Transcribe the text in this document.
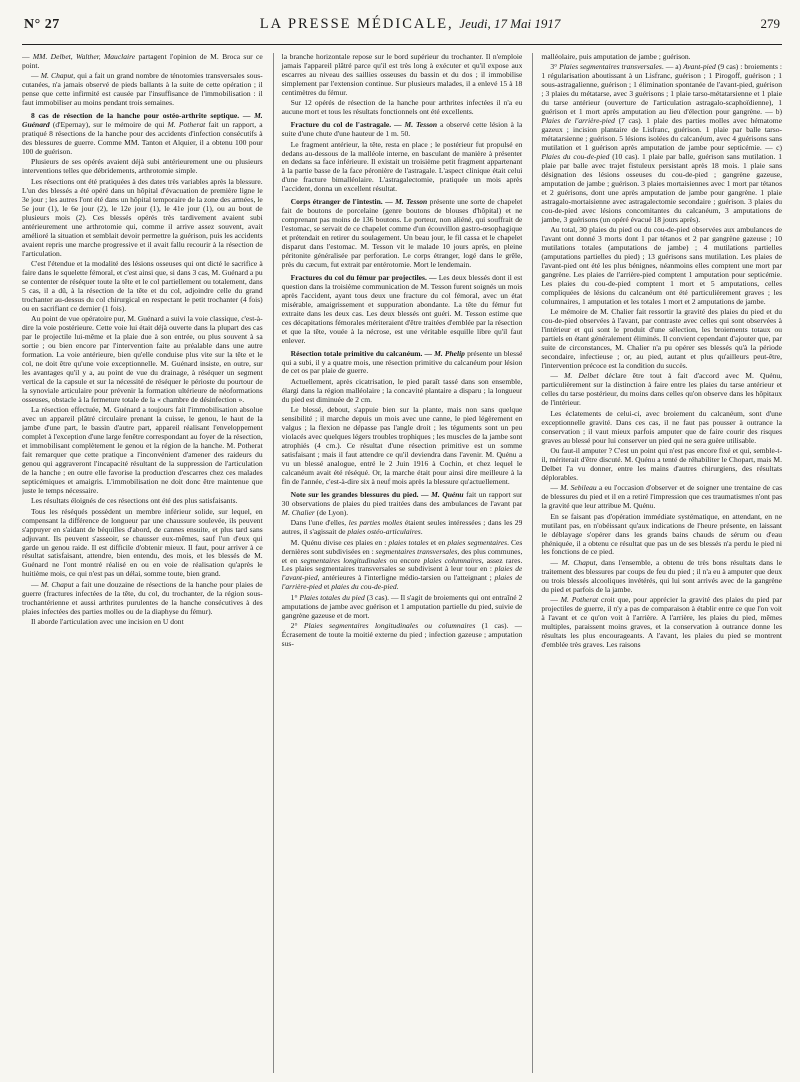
N° 27	LA PRESSE MÉDICALE, Jeudi, 17 Mai 1917	279

— MM. Delbet, Walther, Mauclaire partagent l'opinion de M. Broca sur ce point.

— M. Chaput, qui a fait un grand nombre de ténotomies transversales sous-cutanées, n'a jamais observé de pieds ballants à la suite de cette opération ; il pense que cette infirmité est causée par l'insuffisance de l'immobilisation : il faut immobiliser au moins pendant trois semaines.

8 cas de résection de la hanche pour ostéo-arthrite septique. — M. Guénard (d'Epernay), sur le mémoire de qui M. Potherat fait un rapport, a pratiqué 8 résections de la hanche pour des accidents d'infection consécutifs à des blessures de guerre. Comme MM. Tanton et Alquier, il a obtenu 100 pour 100 de guérison.

Plusieurs de ses opérés avaient déjà subi antérieurement une ou plusieurs interventions telles que débridements, arthrotomie simple.

Les résections ont été pratiquées à des dates très variables après la blessure. L'un des blessés a été opéré dans un hôpital d'évacuation de première ligne le 3e jour ; les autres l'ont été dans un hôpital temporaire de la zone des armées, le 5e jour (1), le 6e jour (2), le 12e jour (1), le 41e jour (1), ou au bout de plusieurs mois (2). Ces blessés opérés très tardivement avaient subi antérieurement une arthrotomie qui, comme il arrive assez souvent, avait amélioré la situation et semblait devoir permettre la guérison, puis les accidents avaient repris une marche progressive et il avait fallu recourir à la résection de l'articulation.

C'est l'étendue et la modalité des lésions osseuses qui ont dicté le sacrifice à faire dans le squelette fémoral, et c'est ainsi que, si dans 3 cas, M. Guénard a pu se contenter de réséquer toute la tête et le col partiellement ou totalement, dans 5 cas, il a dû, à la résection de la tête et du col, adjoindre celle du grand trochanter au-dessus du col chirurgical en respectant le petit trochanter (4 fois) ou en sacrifiant ce dernier (1 fois).

Au point de vue opératoire pur, M. Guénard a suivi la voie classique, c'est-à-dire la voie postérieure. Cette voie lui était déjà ouverte dans la plupart des cas par le projectile lui-même et la plaie due à son entrée, ou plus souvent à sa sortie ; ou bien encore par l'intervention faite au préalable dans une autre formation. La voie antérieure, bien qu'elle conduise plus vite sur la tête et le col, ne doit être qu'une voie exceptionnelle. M. Guénard insiste, en outre, sur les avantages qu'il y a, au point de vue du drainage, à réséquer un segment vertical de la capsule et sur la nécessité de réséquer le périoste du pourtour de la synoviale articulaire pour prévenir la formation ultérieure de néoformations osseuses, obstacle à la fermeture totale de la « chambre de désinfection ».

La résection effectuée, M. Guénard a toujours fait l'immobilisation absolue avec un appareil plâtré circulaire prenant la cuisse, le genou, le haut de la jambe d'une part, le bassin d'autre part, appareil réalisant l'enveloppement complet à l'exception d'une large fenêtre correspondant au foyer de la résection, et immobilisant complètement le genou et la région de la hanche. M. Potherat fait remarquer que cette pratique a l'inconvénient d'amener des raideurs du genou qui aggraveront l'incapacité résultant de la suppression de l'articulation de la hanche ; en outre elle favorise la production d'escarres chez ces malades septicémiques et amaigris. L'immobilisation ne doit donc être maintenue que juste le temps nécessaire.

Les résultats éloignés de ces résections ont été des plus satisfaisants.

Tous les réséqués possèdent un membre inférieur solide, sur lequel, en compensant la différence de longueur par une chaussure soulevée, ils peuvent s'appuyer en s'aidant de béquilles d'abord, de cannes ensuite, et plus tard sans adjuvant. Ils peuvent s'asseoir, se chausser eux-mêmes, sauf l'un d'eux qui garde un genou raide. Il est difficile d'obtenir mieux. Il faut, pour arriver à ce résultat satisfaisant, attendre, bien entendu, des mois, et les blessés de M. Guénard ne l'ont montré réalisé en ou en voie de réalisation qu'après le huitième mois, ce qui n'est pas un délai, somme toute, bien grand.

— M. Chaput a fait une douzaine de résections de la hanche pour plaies de guerre (fractures infectées de la tête, du col, du trochanter, de la région sous-trochantérienne et aussi arthrites purulentes de la hanche consécutives à des plaies infectées des parties molles ou de la diaphyse du fémur).

Il aborde l'articulation avec une incision en U dont

la branche horizontale repose sur le bord supérieur du trochanter. Il n'emploie jamais l'appareil plâtré parce qu'il est très long à exécuter et qu'il expose aux escarres au niveau des saillies osseuses du bassin et du dos ; il immobilise simplement par l'extension continue. Sur plusieurs malades, il a enlevé 15 à 18 centimètres du fémur.

Sur 12 opérés de résection de la hanche pour arthrites infectées il n'a eu aucune mort et tous les résultats fonctionnels ont été excellents.

Fracture du col de l'astragale. — M. Tesson a observé cette lésion à la suite d'une chute d'une hauteur de 1 m. 50.

Le fragment antérieur, la tête, resta en place ; le postérieur fut propulsé en dedans au-dessous de la malléole interne, en basculant de manière à présenter en dedans sa face inférieure. Il existait un troisième petit fragment appartenant à la partie basse de la face péronière de l'astragale. L'aspect clinique était celui d'une fracture bimalléolaire. L'astragalectomie, pratiquée un mois après l'accident, donna un excellent résultat.

Corps étranger de l'intestin. — M. Tesson présente une sorte de chapelet fait de boutons de porcelaine (genre boutons de blouses d'hôpital) et ne comprenant pas moins de 136 boutons. Le porteur, non aliéné, qui souffrait de l'estomac, se servait de ce chapelet comme d'un écouvillon gastro-œsophagique et prétendait en retirer du soulagement. Un beau jour, le fil cassa et le chapelet disparut dans l'estomac. M. Tesson vit le malade 10 jours après, en pleine péritonite généralisée par perforation. Le corps étranger, logé dans le grêle, près du cæcum, fut extrait par entérotomie. Mort le lendemain.

Fractures du col du fémur par projectiles. — Les deux blessés dont il est question dans la troisième communication de M. Tesson furent soignés un mois après l'accident, ayant tous deux une fracture du col fémoral, avec un état misérable, amaigrissement et suppuration abondante. La tête du fémur fut extraite dans les deux cas. Les deux blessés ont guéri. M. Tesson estime que ces décapitations fémorales mériteraient d'être traitées d'emblée par la résection et que la tête, vouée à la nécrose, est une véritable esquille libre qu'il faut enlever.

Résection totale primitive du calcanéum. — M. Phelip présente un blessé qui a subi, il y a quatre mois, une résection primitive du calcanéum pour lésion de cet os par plaie de guerre.

Actuellement, après cicatrisation, le pied paraît tassé dans son ensemble, élargi dans la région malléolaire ; la concavité plantaire a disparu ; la longueur du pied est diminuée de 2 cm.

Le blessé, debout, s'appuie bien sur la plante, mais non sans quelque sensibilité ; il marche depuis un mois avec une canne, le pied légèrement en valgus ; la flexion ne dépasse pas l'angle droit ; les téguments sont un peu violacés avec quelques légers troubles trophiques ; les muscles de la jambe sont atrophiés (4 cm.). Ce résultat d'une résection primitive est un somme satisfaisant ; mais il faut attendre ce qu'il deviendra dans l'avenir. M. Quénu a vu un blessé analogue, entré le 2 Juin 1916 à Cochin, et chez lequel le calcanéum avait été réséqué. Or, la marche était pour ainsi dire meilleure à la fin de l'année, c'est-à-dire six à neuf mois après la blessure qu'actuellement.

Note sur les grandes blessures du pied. — M. Quénu fait un rapport sur 30 observations de plaies du pied traitées dans des ambulances de l'avant par M. Chalier (de Lyon).

Dans l'une d'elles, les parties molles étaient seules intéressées ; dans les 29 autres, il s'agissait de plaies ostéo-articulaires.

M. Quénu divise ces plaies en : plaies totales et en plaies segmentaires. Ces dernières sont subdivisées en : segmentaires transversales, des plus communes, et en segmentaires longitudinales ou encore plaies columnaires, assez rares. Les plaies segmentaires transversales se subdivisent à leur tour en : plaies de l'avant-pied, antérieures à l'interligne médio-tarsien ou l'atteignant ; plaies de l'arrière-pied et plaies du cou-de-pied.

1° Plaies totales du pied (3 cas). — Il s'agit de broiements qui ont entraîné 2 amputations de jambe avec guérison et 1 amputation partielle du pied, suivie de gangrène gazeuse et de mort.

2° Plaies segmentaires longitudinales ou columnaires (1 cas). — Écrasement de toute la moitié externe du pied ; infection gazeuse ; amputation sus-

malléolaire, puis amputation de jambe ; guérison.

3° Plaies segmentaires transversales. — a) Avant-pied (9 cas) : broiements : 1 régularisation aboutissant à un Lisfranc, guérison ; 1 Pirogoff, guérison ; 1 sous-astragalienne, guérison ; 1 élimination spontanée de l'avant-pied, guérison ; 3 plaies du métatarse, avec 3 guérisons ; 1 plaie tarso-métatarsienne et 1 plaie du tarse antérieur (ouverture de l'articulation astragalo-scaphoïdienne), 1 guérison et 1 mort après amputation au lieu d'élection pour gangrène. — b) Plaies de l'arrière-pied (7 cas). 1 plaie des parties molles avec hématome gazeux ; incision plantaire de Lisfranc, guérison. 1 plaie par balle tarso-métatarsienne ; guérison. 5 lésions isolées du calcanéum, avec 4 guérisons sans mutilation et 1 guérison après amputation de jambe pour septicémie. — c) Plaies du cou-de-pied (10 cas). 1 plaie par balle, guérison sans mutilation. 1 plaie par balle avec trajet fistuleux persistant après 18 mois. 1 plaie sans désignation des lésions osseuses du cou-de-pied ; gangrène gazeuse, amputation de jambe ; guérison. 3 plaies mortaisiennes avec 1 mort par tétanos et 2 guérisons, dont une après amputation de jambe pour gangrène. 1 plaie astragalo-mortaisienne avec astragalectomie secondaire ; guérison. 3 plaies du cou-de-pied avec lésions concomitantes du calcanéum, 3 amputations de jambe, 3 guérisons (un opéré évacué 18 jours après).

Au total, 30 plaies du pied ou du cou-de-pied observées aux ambulances de l'avant ont donné 3 morts dont 1 par tétanos et 2 par gangrène gazeuse ; 10 mutilations totales (amputations de jambe) ; 4 mutilations partielles (amputations partielles du pied) ; 13 guérisons sans mutilation. Les plaies de l'avant-pied ont été les plus bénignes, néanmoins elles comptent une mort par gangrène. Les plaies de l'arrière-pied comptent 1 amputation pour septicémie. Les plaies du cou-de-pied comptent 1 mort et 5 amputations, celles compliquées de lésions du calcanéum ont été particulièrement graves ; les columnaires, 1 amputation et les totales 1 mort et 2 amputations de jambe.

Le mémoire de M. Chalier fait ressortir la gravité des plaies du pied et du cou-de-pied observées à l'avant, par contraste avec celles qui sont observées à l'intérieur et qui sont le produit d'une sélection, les broiements totaux ou partiels en étant généralement éliminés. Il convient cependant d'ajouter que, par suite de circonstances, M. Chalier n'a pu opérer ses blessés qu'à la période secondaire, infectieuse ; or, au pied, autant et plus qu'ailleurs peut-être, l'intervention précoce est la condition du succès.

— M. Delbet déclare être tout à fait d'accord avec M. Quénu, particulièrement sur la distinction à faire entre les plaies du tarse antérieur et celles du tarse postérieur, du moins dans celles qu'on observe dans les hôpitaux de l'intérieur.

Les éclatements de celui-ci, avec broiement du calcanéum, sont d'une exceptionnelle gravité. Dans ces cas, il ne faut pas pousser à outrance la conservation ; il vaut mieux parfois amputer que de faire courir des risques graves au blessé pour lui conserver un pied qui ne sera guère utilisable.

Ou faut-il amputer ? C'est un point qui n'est pas encore fixé et qui, semble-t-il, mériterait d'être discuté. M. Quénu a tenté de réhabiliter le Chopart, mais M. Delbet l'a vu donner, entre les mains d'autres chirurgiens, des résultats déplorables.

— M. Sebileau a eu l'occasion d'observer et de soigner une trentaine de cas de blessures du pied et il en a retiré l'impression que ces traumatismes n'ont pas la gravité que leur attribue M. Quénu.

En se faisant pas d'opération immédiate systématique, en attendant, en ne mutilant pas, en n'obéissant qu'aux indications de l'heure présente, en laissant le déblayage s'opérer dans les grands bains chauds de sérum ou d'eau phéniquée, il a obtenu ce résultat que pas un de ses blessés n'a perdu le pied ni les fonctions de ce pied.

— M. Chaput, dans l'ensemble, a obtenu de très bons résultats dans le traitement des blessures par coups de feu du pied ; il n'a eu à amputer que deux ou trois blessés alcooliques invétérés, qui lui sont arrivés avec de la gangrène du pied et parfois de la jambe.

— M. Potherat croit que, pour apprécier la gravité des plaies du pied par projectiles de guerre, il n'y a pas de comparaison à établir entre ce que l'on voit à l'avant et ce qu'on voit à l'arrière. A l'arrière, les plaies du pied, mêmes multiples, paraissent moins graves, et la conservation à outrance donne les résultats les plus encourageants. A l'avant, les plaies du pied se montrent d'emblée très graves. Les raisons
